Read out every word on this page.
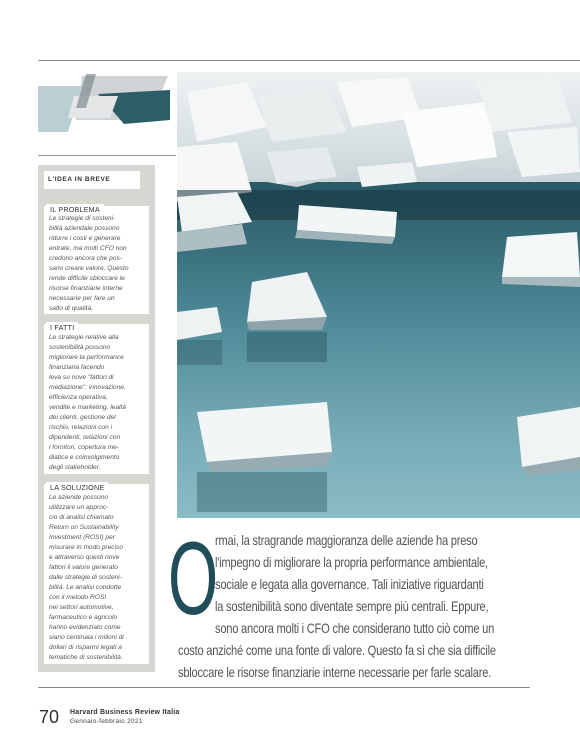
L'IDEA IN BREVE
IL PROBLEMA
Le strategie di sosteni-
bilità aziendale possono
ridurre i costi e generare
entrate, ma molti CFO non
credono ancora che pos-
sano creare valore. Questo
rende difficile sbloccare le
risorse finanziarie interne
necessarie per fare un
salto di qualità.
I FATTI
Le strategie relative alla
sostenibilità possono
migliorare la performance
finanziaria facendo
leva su nove "fattori di
mediazione": innovazione,
efficienza operativa,
vendite e marketing, lealtà
dei clienti, gestione del
rischio, relazioni con i
dipendenti, relazioni con
i fornitori, copertura me-
diatica e coinvolgimento
degli stakeholder.
LA SOLUZIONE
Le aziende possono
utilizzare un approc-
cio di analisi chiamato
Return on Sustainability
Investment (ROSI) per
misurare in modo preciso
e attraverso questi nove
fattori il valore generato
dalle strategie di sosteni-
bilità. Le analisi condotte
con il metodo ROSI
nei settori automotive,
farmaceutico e agricolo
hanno evidenziato come
siano centinaia i milioni di
dollari di risparmi legati a
tematiche di sostenibilità.
O
rmai, la stragrande maggioranza delle aziende ha preso
l'impegno di migliorare la propria performance ambientale,
sociale e legata alla governance. Tali iniziative riguardanti
la sostenibilità sono diventate sempre più centrali. Eppure,
sono ancora molti i CFO che considerano tutto ciò come un
costo anziché come una fonte di valore. Questo fa sì che sia difficile
sbloccare le risorse finanziarie interne necessarie per farle scalare.
70 Harvard Business Review Italia
Gennaio-febbraio 2021
